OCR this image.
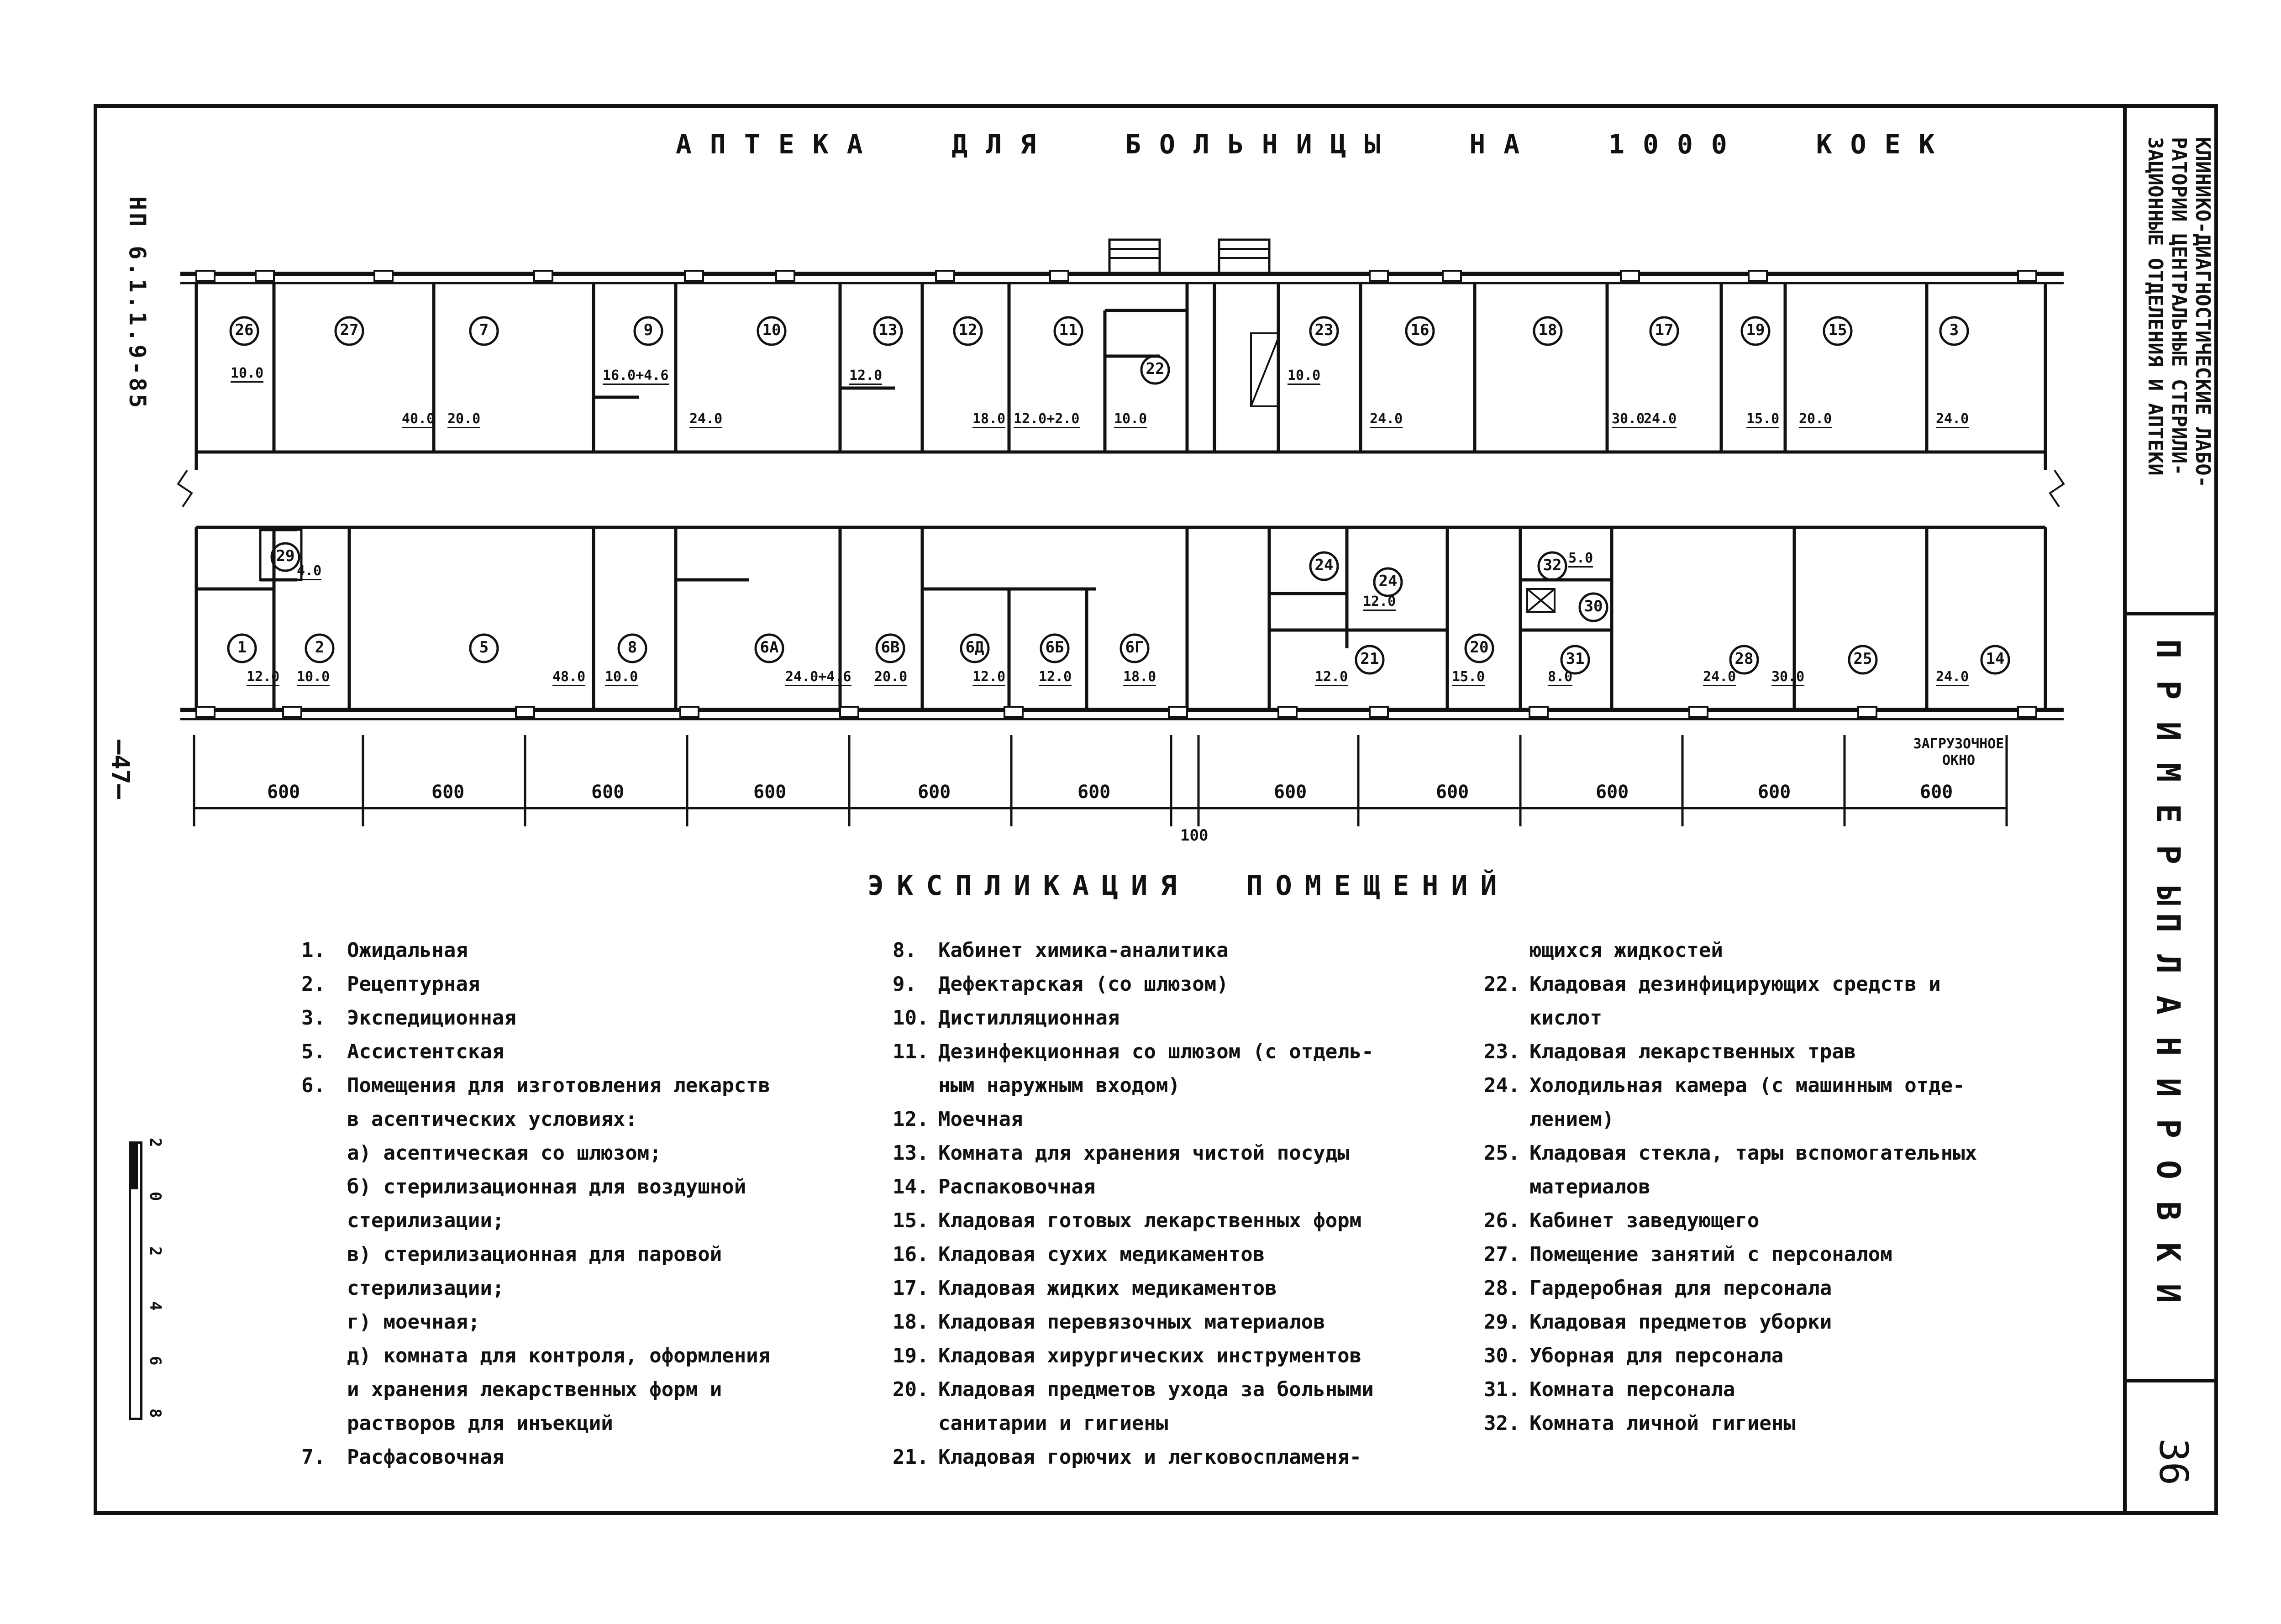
КЛИНИКО-ДИАГНОСТИЧЕСКИЕ ЛАБО-
РАТОРИИ ЦЕНТРАЛЬНЫЕ СТЕРИЛИ-
ЗАЦИОННЫЕ ОТДЕЛЕНИЯ И АПТЕКИ
ПРИМЕРЫ
ПЛАНИРОВКИ
36
НП 6.1.1.9-85
—47—
АПТЕКА ДЛЯ БОЛЬНИЦЫ НА 1000 КОЕК
26
10.0
27
40.0
7
20.0
9
16.0+4.6
10
24.0
13
12.0
12
18.0
11
12.0+2.0
22
10.0
23
10.0
16
24.0
18
30.0
17
24.0
19
15.0
15
20.0
3
24.0
1
12.0
29
4.0
2
10.0
5
48.0
8
10.0
6А
24.0+4.6
6В
20.0
6Д
12.0
6Б
12.0
6Г
18.0
24
24
12.0
21
12.0
20
15.0
32 5.0
30
31
8.0
28
24.0
25
30.0
14
24.0
600	600	600	600	600	600	600	600	600	600	600
100
ЗАГРУЗОЧНОЕ ОКНО
ЭКСПЛИКАЦИЯ ПОМЕЩЕНИЙ
1.	Ожидальная
2.	Рецептурная
3.	Экспедиционная
5.	Ассистентская
6.	Помещения для изготовления лекарств
в асептических условиях:
а) асептическая со шлюзом;
б) стерилизационная для воздушной
стерилизации;
в) стерилизационная для паровой
стерилизации;
г) моечная;
д) комната для контроля, оформления
и хранения лекарственных форм и
растворов для инъекций
7.	Расфасовочная
8.	Кабинет химика-аналитика
9.	Дефектарская (со шлюзом)
10. Дистилляционная
11. Дезинфекционная со шлюзом (с отдель-
ным наружным входом)
12. Моечная
13. Комната для хранения чистой посуды
14. Распаковочная
15. Кладовая готовых лекарственных форм
16. Кладовая сухих медикаментов
17. Кладовая жидких медикаментов
18. Кладовая перевязочных материалов
19. Кладовая хирургических инструментов
20. Кладовая предметов ухода за больными
санитарии и гигиены
21. Кладовая горючих и легковоспламеня-
ющихся жидкостей
22. Кладовая дезинфицирующих средств и
кислот
23. Кладовая лекарственных трав
24. Холодильная камера (с машинным отде-
лением)
25. Кладовая стекла, тары вспомогательных
материалов
26. Кабинет заведующего
27. Помещение занятий с персоналом
28. Гардеробная для персонала
29. Кладовая предметов уборки
30. Уборная для персонала
31. Комната персонала
32. Комната личной гигиены
2
0
2
4
6
8
